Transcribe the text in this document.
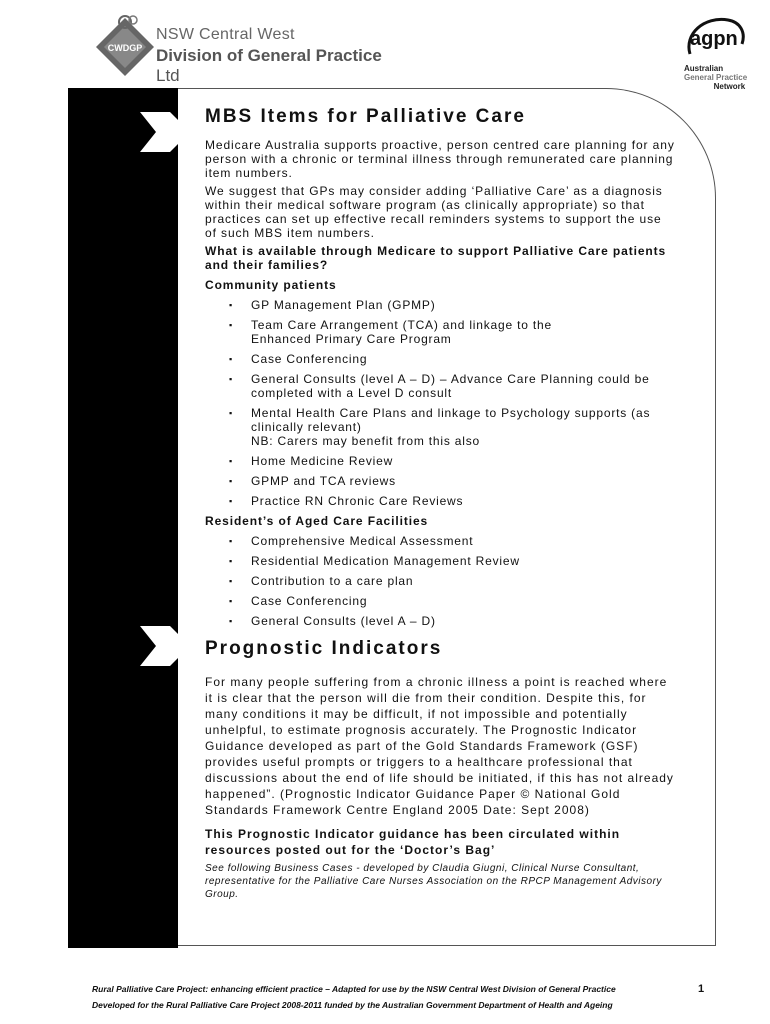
CWDGP
NSW Central West
Division of General Practice Ltd
agpn
Australian
General Practice
Network
MBS Items for Palliative Care

Medicare Australia supports proactive, person centred care planning for any person with a chronic or terminal illness through remunerated care planning item numbers.

We suggest that GPs may consider adding ‘Palliative Care’ as a diagnosis within their medical software program (as clinically appropriate) so that practices can set up effective recall reminders systems to support the use of such MBS item numbers.

What is available through Medicare to support Palliative Care patients and their families?

Community patients

▪ GP Management Plan (GPMP)
▪ Team Care Arrangement (TCA) and linkage to the
Enhanced Primary Care Program
▪ Case Conferencing
▪ General Consults (level A – D) – Advance Care Planning could be completed with a Level D consult
▪ Mental Health Care Plans and linkage to Psychology supports (as clinically relevant)
NB: Carers may benefit from this also
▪ Home Medicine Review
▪ GPMP and TCA reviews
▪ Practice RN Chronic Care Reviews

Resident’s of Aged Care Facilities

▪ Comprehensive Medical Assessment
▪ Residential Medication Management Review
▪ Contribution to a care plan
▪ Case Conferencing
▪ General Consults (level A – D)
Prognostic Indicators

For many people suffering from a chronic illness a point is reached where it is clear that the person will die from their condition. Despite this, for many conditions it may be difficult, if not impossible and potentially unhelpful, to estimate prognosis accurately. The Prognostic Indicator Guidance developed as part of the Gold Standards Framework (GSF) provides useful prompts or triggers to a healthcare professional that discussions about the end of life should be initiated, if this has not already happened”. (Prognostic Indicator Guidance Paper © National Gold Standards Framework Centre England 2005 Date: Sept 2008)

This Prognostic Indicator guidance has been circulated within resources posted out for the ‘Doctor’s Bag’

See following Business Cases - developed by Claudia Giugni, Clinical Nurse Consultant, representative for the Palliative Care Nurses Association on the RPCP Management Advisory Group.

Rural Palliative Care Project: enhancing efficient practice – Adapted for use by the NSW Central West Division of General Practice
Developed for the Rural Palliative Care Project 2008-2011 funded by the Australian Government Department of Health and Ageing
1
